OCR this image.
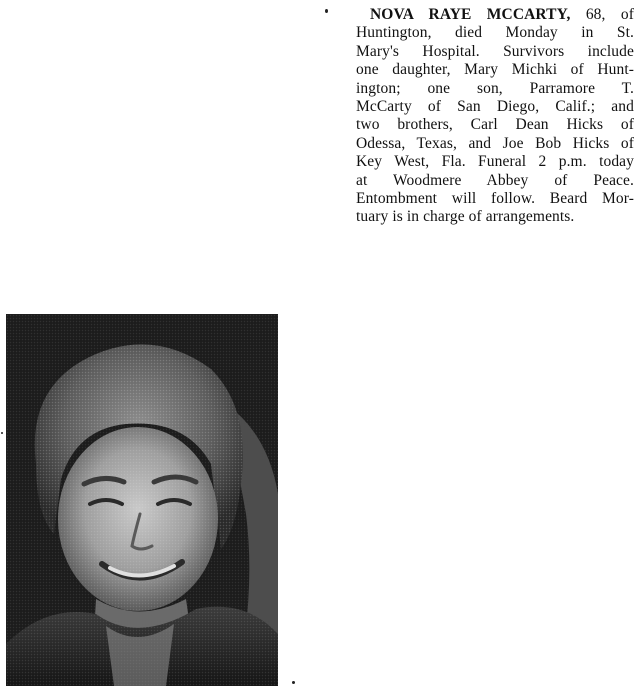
NOVA RAYE MCCARTY, 68, of
Huntington, died Monday in St.
Mary's Hospital. Survivors include
one daughter, Mary Michki of Hunt-
ington; one son, Parramore T.
McCarty of San Diego, Calif.; and
two brothers, Carl Dean Hicks of
Odessa, Texas, and Joe Bob Hicks of
Key West, Fla. Funeral 2 p.m. today
at Woodmere Abbey of Peace.
Entombment will follow. Beard Mor-
tuary is in charge of arrangements.
